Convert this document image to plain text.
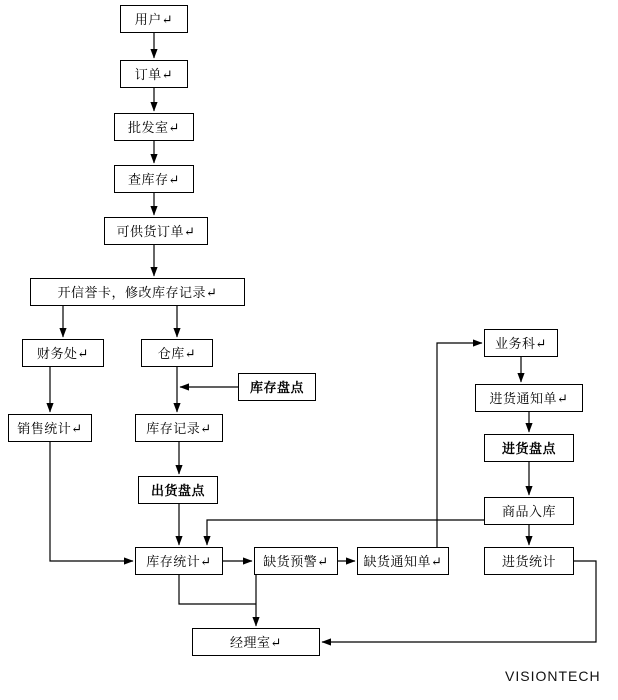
用户↵
订单↵
批发室↵
查库存↵
可供货订单↵
开信誉卡，修改库存记录↵
财务处↵	仓库↵
库存盘点
销售统计↵	库存记录↵
出货盘点
库存统计↵	缺货预警↵	缺货通知单↵
业务科↵
进货通知单↵
进货盘点
商品入库
进货统计
经理室↵
VISIONTECH
